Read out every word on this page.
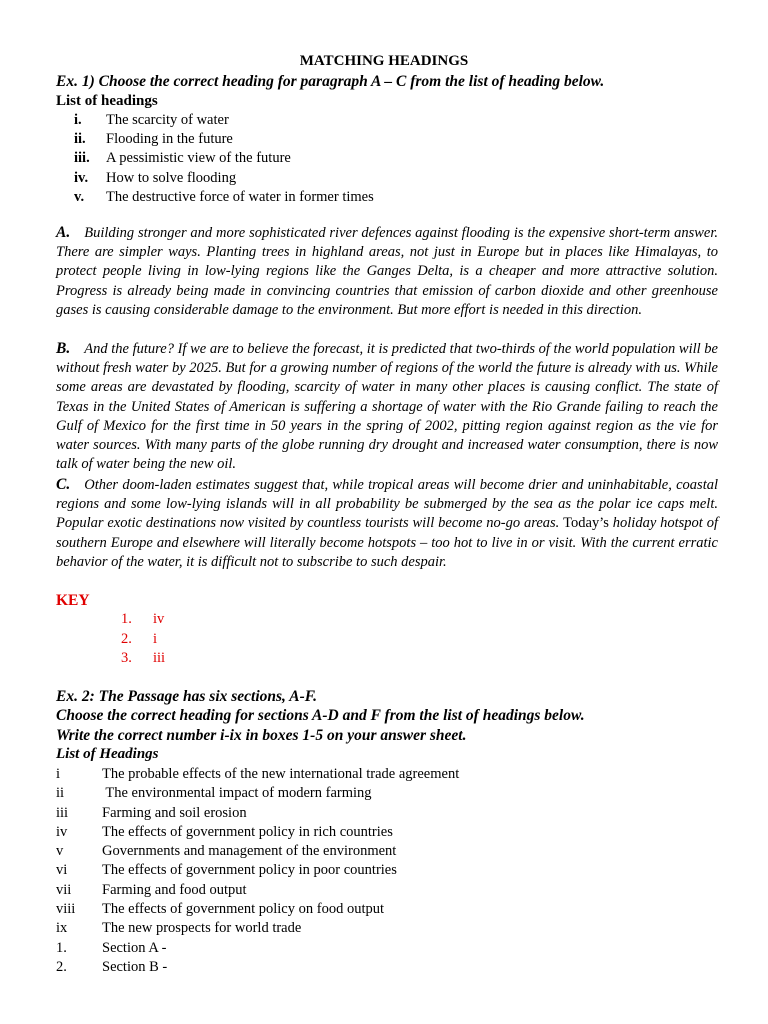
MATCHING HEADINGS
Ex. 1) Choose the correct heading for paragraph A – C from the list of heading below.
List of headings
i. The scarcity of water
ii. Flooding in the future
iii. A pessimistic view of the future
iv. How to solve flooding
v. The destructive force of water in former times

A. Building stronger and more sophisticated river defences against flooding is the expensive short-term answer. There are simpler ways. Planting trees in highland areas, not just in Europe but in places like Himalayas, to protect people living in low-lying regions like the Ganges Delta, is a cheaper and more attractive solution. Progress is already being made in convincing countries that emission of carbon dioxide and other greenhouse gases is causing considerable damage to the environment. But more effort is needed in this direction.

B. And the future? If we are to believe the forecast, it is predicted that two-thirds of the world population will be without fresh water by 2025. But for a growing number of regions of the world the future is already with us. While some areas are devastated by flooding, scarcity of water in many other places is causing conflict. The state of Texas in the United States of American is suffering a shortage of water with the Rio Grande failing to reach the Gulf of Mexico for the first time in 50 years in the spring of 2002, pitting region against region as the vie for water sources. With many parts of the globe running dry drought and increased water consumption, there is now talk of water being the new oil.

C. Other doom-laden estimates suggest that, while tropical areas will become drier and uninhabitable, coastal regions and some low-lying islands will in all probability be submerged by the sea as the polar ice caps melt. Popular exotic destinations now visited by countless tourists will become no-go areas. Today’s holiday hotspot of southern Europe and elsewhere will literally become hotspots – too hot to live in or visit. With the current erratic behavior of the water, it is difficult not to subscribe to such despair.

KEY
1. iv
2. i
3. iii
Ex. 2: The Passage has six sections, A-F.
Choose the correct heading for sections A-D and F from the list of headings below.
Write the correct number i-ix in boxes 1-5 on your answer sheet.
List of Headings
i	The probable effects of the new international trade agreement
ii	The environmental impact of modern farming
iii Farming and soil erosion
iv The effects of government policy in rich countries
v	Governments and management of the environment
vi The effects of government policy in poor countries
vii Farming and food output
viii The effects of government policy on food output
ix The new prospects for world trade
1. Section A -
2. Section B -
